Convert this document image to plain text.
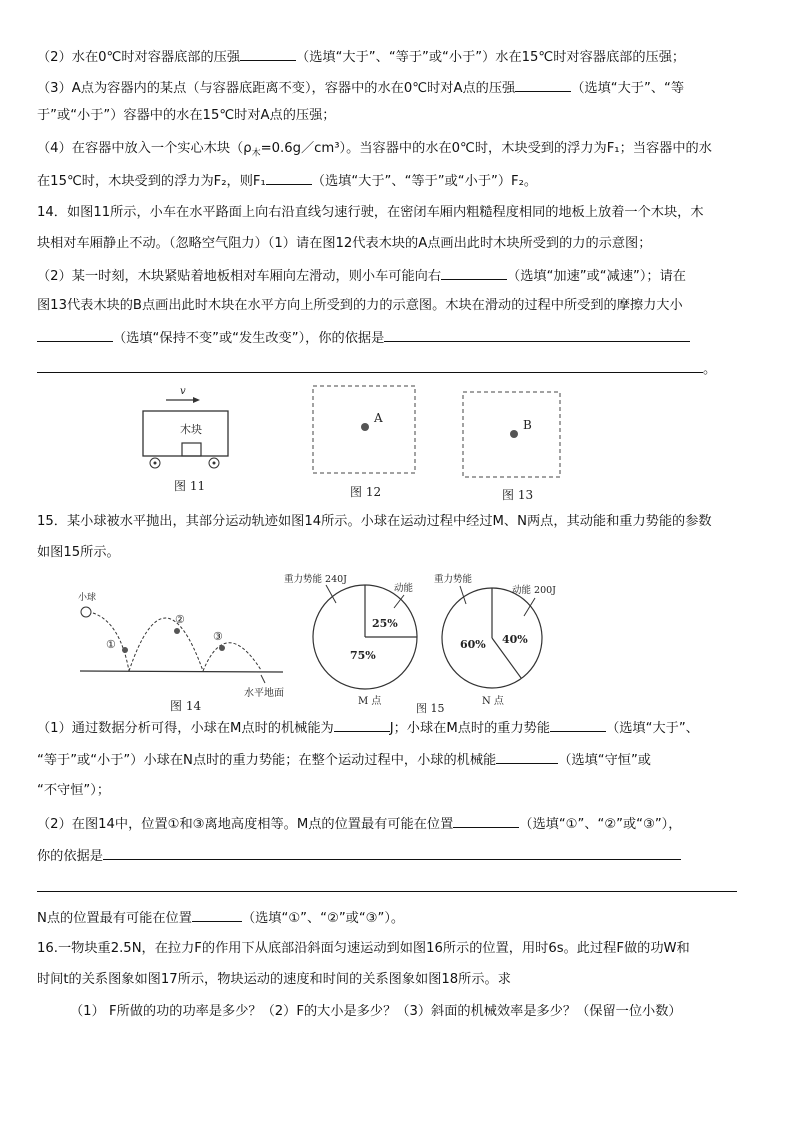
（2）水在0℃时对容器底部的压强	（选填“大于”、“等于”或“小于”）水在15℃时对容器底部的压强；
（3）A点为容器内的某点（与容器底距离不变），容器中的水在0℃时对A点的压强	（选填“大于”、“等
于”或“小于”）容器中的水在15℃时对A点的压强；
（4）在容器中放入一个实心木块$(\rho_木=0.6g/cm^3)$。当容器中的水在0℃时，木块受到的浮力为F₁；当容器中的水
在15℃时，木块受到的浮力为F₂，则F₁	（选填“大于”、“等于”或“小于”）F₂。
14．如图11所示，小车在水平路面上向右沿直线匀速行驶，在密闭车厢内粗糙程度相同的地板上放着一个木块，木
块相对车厢静止不动。（忽略空气阻力）（1）请在图12代表木块的A点画出此时木块所受到的力的示意图；
（2）某一时刻，木块紧贴着地板相对车厢向左滑动，则小车可能向右	（选填“加速”或“减速”）；请在
图13代表木块的B点画出此时木块在水平方向上所受到的力的示意图。木块在滑动的过程中所受到的摩擦力大小
（选填“保持不变”或“发生改变”），你的依据是
。
v
木块
图 11
A
图 12
B
图 13
小球
①
②
③
水平地面
图 14
重力势能 240J
动能
25%
75%
M 点
重力势能
动能 200J
40%
60%
N 点
图 15
15．某小球被水平抛出，其部分运动轨迹如图14所示。小球在运动过程中经过M、N两点，其动能和重力势能的参数
如图15所示。
（1）通过数据分析可得，小球在M点时的机械能为	J；小球在M点时的重力势能	（选填“大于”、
“等于”或“小于”）小球在N点时的重力势能；在整个运动过程中，小球的机械能	（选填“守恒”或
“不守恒”）；
（2）在图14中，位置①和③离地高度相等。M点的位置最有可能在位置	（选填“①”、“②”或“③”），
你的依据是
N点的位置最有可能在位置	（选填“①”、“②”或“③”）。
16.一物块重2.5N，在拉力F的作用下从底部沿斜面匀速运动到如图16所示的位置，用时6s。此过程F做的功W和
时间t的关系图象如图17所示，物块运动的速度和时间的关系图象如图18所示。求
（1） F所做的功的功率是多少？（2）F的大小是多少？（3）斜面的机械效率是多少？（保留一位小数）
